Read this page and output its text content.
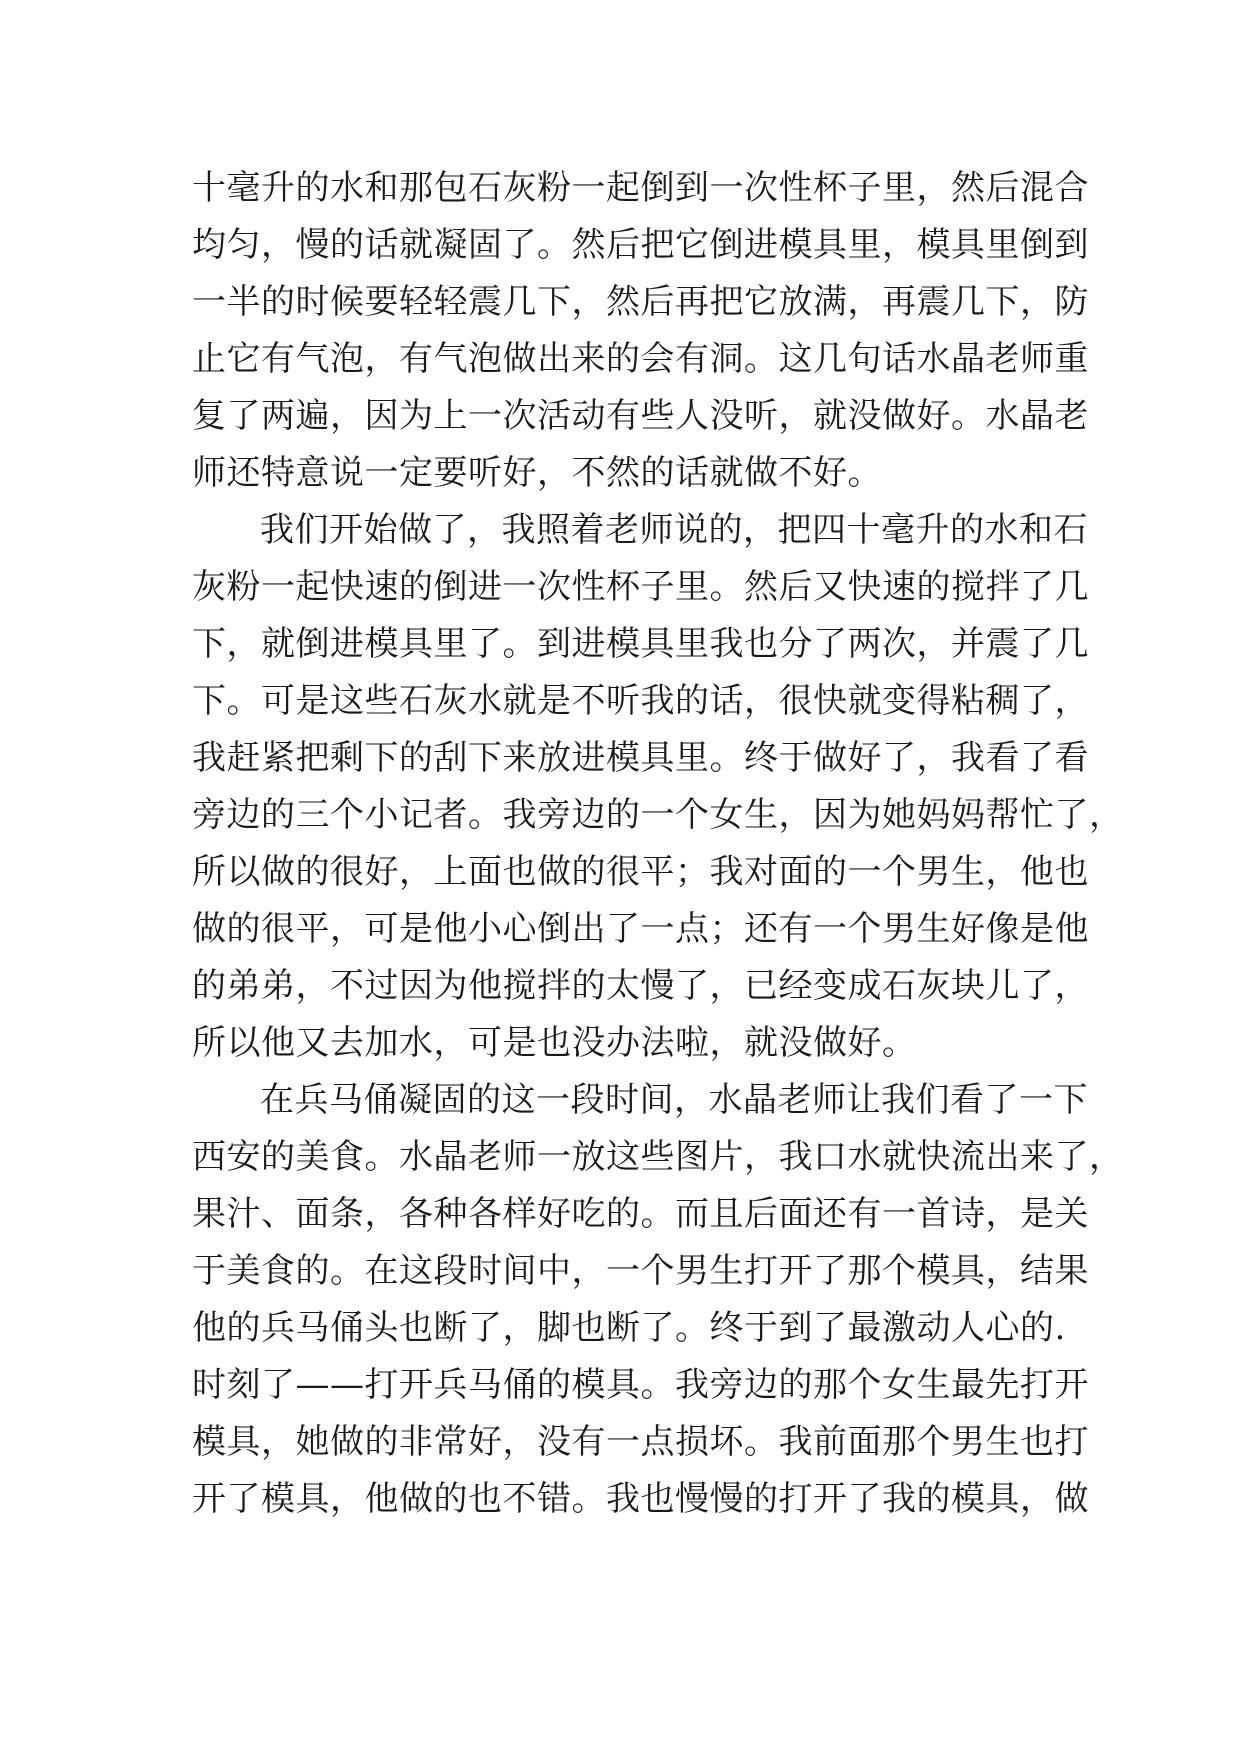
十毫升的水和那包石灰粉一起倒到一次性杯子里，然后混合
均匀，慢的话就凝固了。然后把它倒进模具里，模具里倒到
一半的时候要轻轻震几下，然后再把它放满，再震几下，防
止它有气泡，有气泡做出来的会有洞。这几句话水晶老师重
复了两遍，因为上一次活动有些人没听，就没做好。水晶老
师还特意说一定要听好，不然的话就做不好。
我们开始做了，我照着老师说的，把四十毫升的水和石
灰粉一起快速的倒进一次性杯子里。然后又快速的搅拌了几
下，就倒进模具里了。到进模具里我也分了两次，并震了几
下。可是这些石灰水就是不听我的话，很快就变得粘稠了，
我赶紧把剩下的刮下来放进模具里。终于做好了，我看了看
旁边的三个小记者。我旁边的一个女生，因为她妈妈帮忙了，
所以做的很好，上面也做的很平；我对面的一个男生，他也
做的很平，可是他小心倒出了一点；还有一个男生好像是他
的弟弟，不过因为他搅拌的太慢了，已经变成石灰块儿了，
所以他又去加水，可是也没办法啦，就没做好。
在兵马俑凝固的这一段时间，水晶老师让我们看了一下
西安的美食。水晶老师一放这些图片，我口水就快流出来了，
果汁、面条，各种各样好吃的。而且后面还有一首诗，是关
于美食的。在这段时间中，一个男生打开了那个模具，结果
他的兵马俑头也断了，脚也断了。终于到了最激动人心的.
时刻了——打开兵马俑的模具。我旁边的那个女生最先打开
模具，她做的非常好，没有一点损坏。我前面那个男生也打
开了模具，他做的也不错。我也慢慢的打开了我的模具，做
